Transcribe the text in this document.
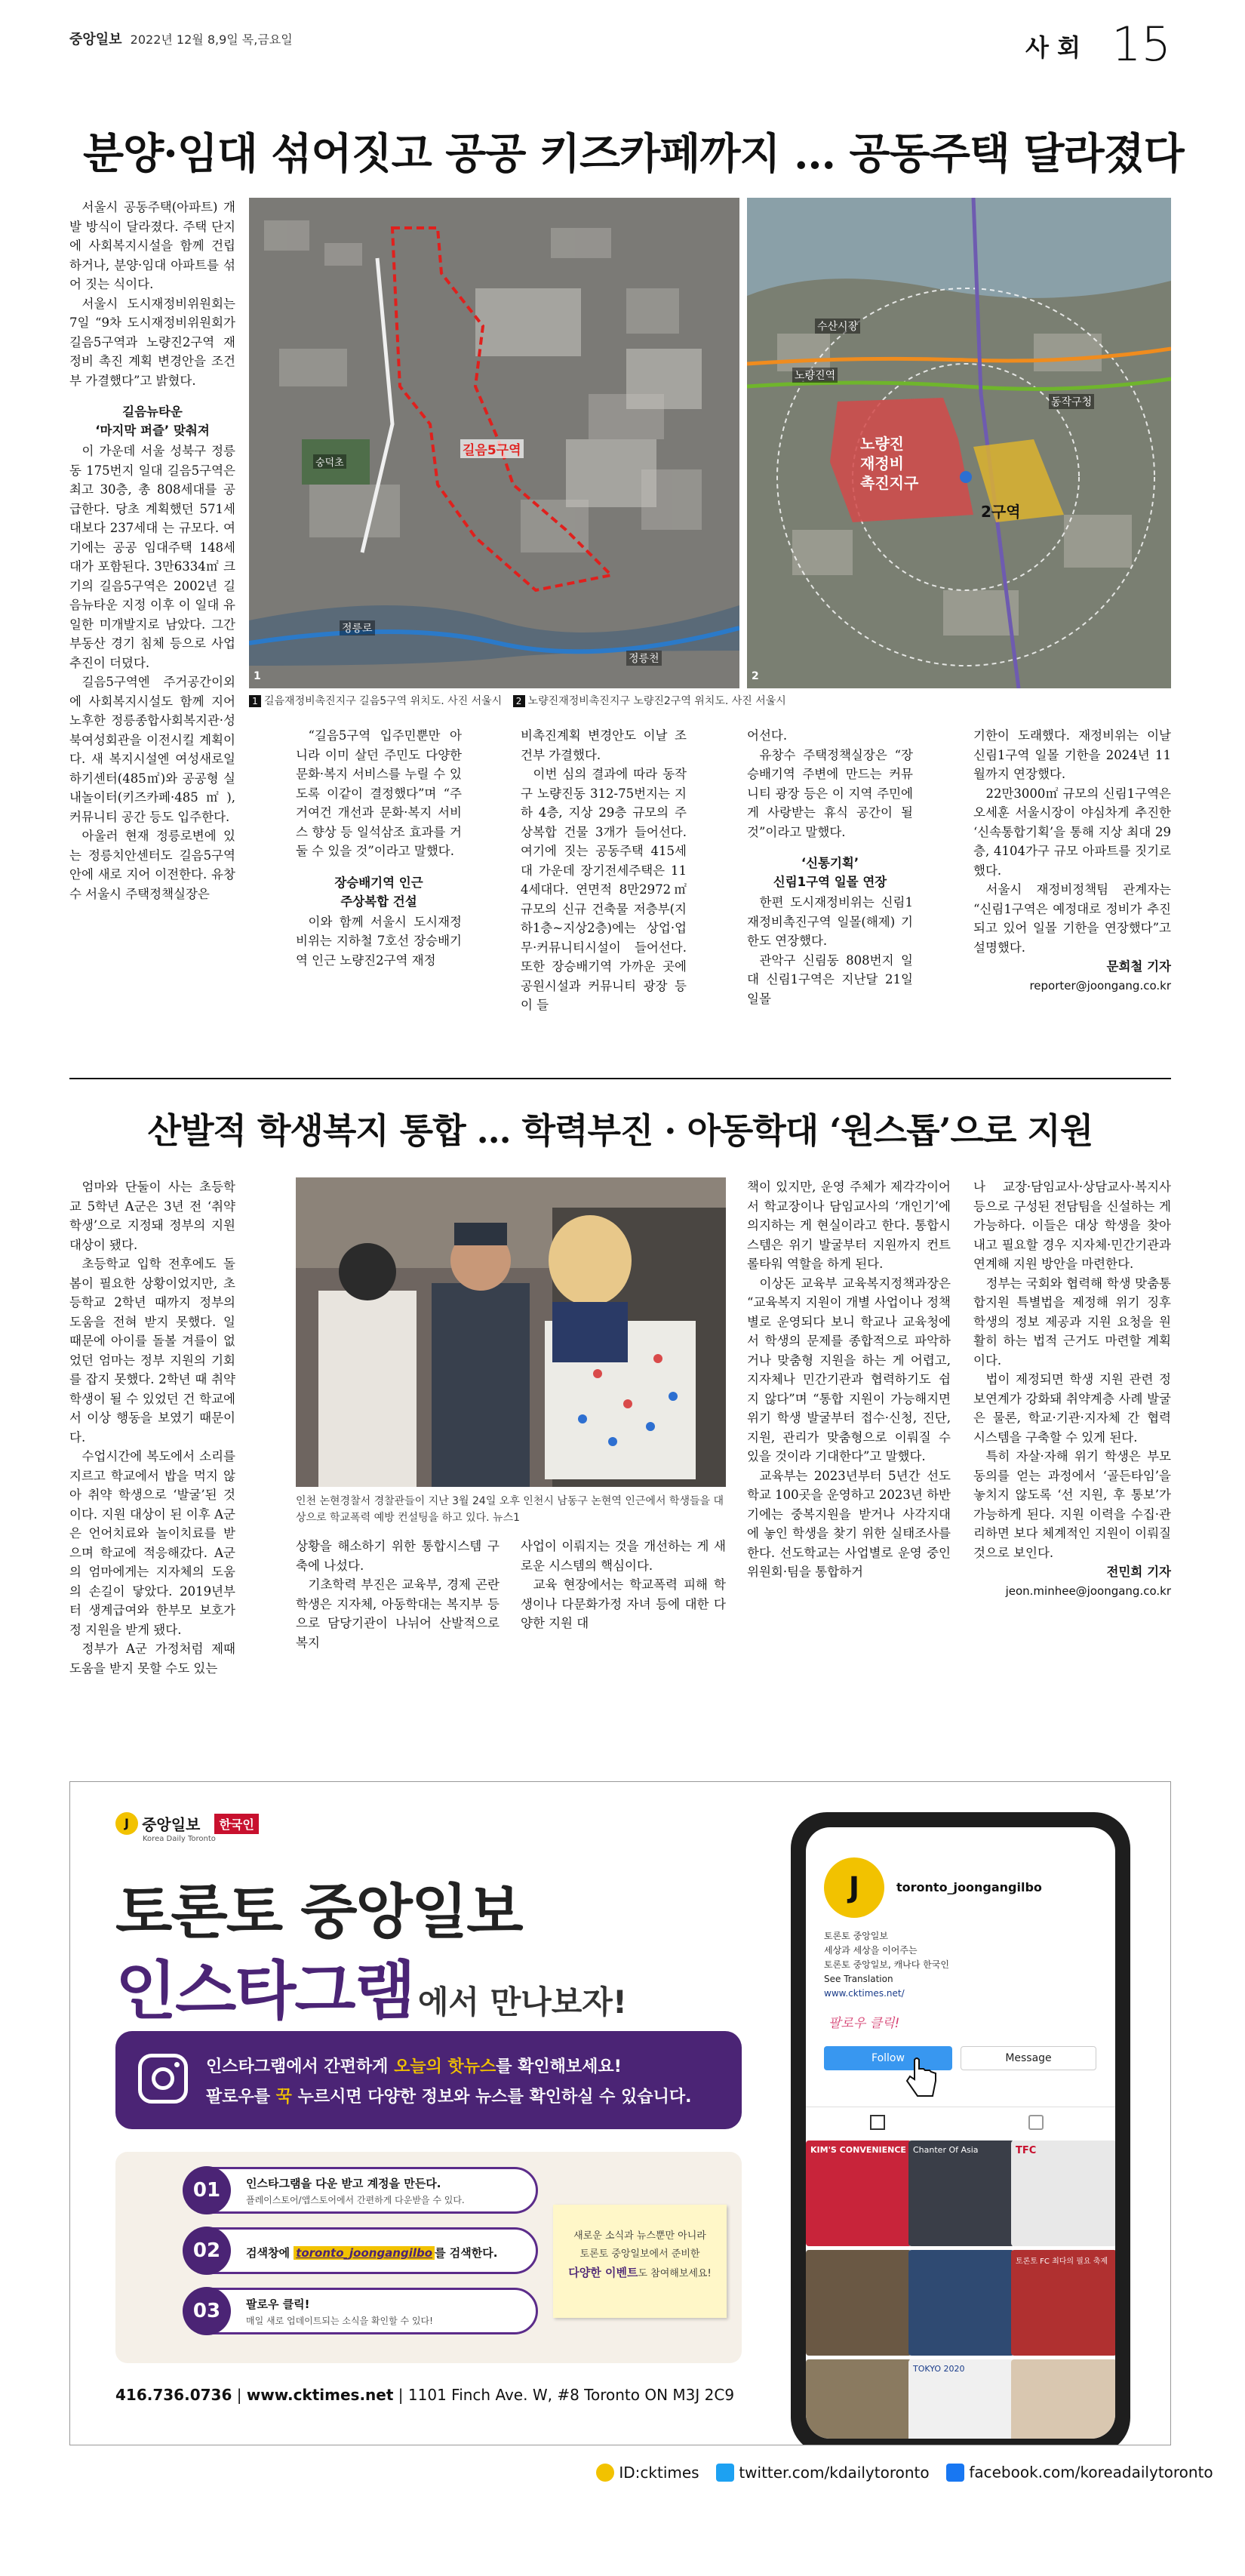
중앙일보 2022년 12월 8,9일 목,금요일	사 회 15
분양·임대 섞어짓고 공공 키즈카페까지 … 공동주택 달라졌다

서울시 공동주택(아파트) 개발 방식이 달라졌다. 주택 단지에 사회복지시설을 함께 건립하거나, 분양·임대 아파트를 섞어 짓는 식이다.

서울시 도시재정비위원회는 7일 “9차 도시재정비위원회가 길음5구역과 노량진2구역 재정비 촉진 계획 변경안을 조건부 가결했다”고 밝혔다.

길음뉴타운
‘마지막 퍼즐’ 맞춰져

이 가운데 서울 성북구 정릉동 175번지 일대 길음5구역은 최고 30층, 총 808세대를 공급한다. 당초 계획했던 571세대보다 237세대 는 규모다. 여기에는 공공 임대주택 148세대가 포함된다. 3만6334㎡ 크기의 길음5구역은 2002년 길음뉴타운 지정 이후 이 일대 유일한 미개발지로 남았다. 그간 부동산 경기 침체 등으로 사업 추진이 더뎠다.

길음5구역엔 주거공간이외에 사회복지시설도 함께 지어 노후한 정릉종합사회복지관·성북여성회관을 이전시킬 계획이다. 새 복지시설엔 여성새로일하기센터(485㎡)와 공공형 실내놀이터(키즈카페·485㎡), 커뮤니티 공간 등도 입주한다.

아울러 현재 정릉로변에 있는 정릉치안센터도 길음5구역 안에 새로 지어 이전한다. 유창수 서울시 주택정책실장은

길음5구역
정릉로
정릉천
숭덕초
1
노량진
재정비
촉진지구
2구역
동작구청
노량진역
수산시장
2
1 길음재정비촉진지구 길음5구역 위치도. 사진 서울시 2 노량진재정비촉진지구 노량진2구역 위치도. 사진 서울시

“길음5구역 입주민뿐만 아니라 이미 살던 주민도 다양한 문화·복지 서비스를 누릴 수 있도록 이같이 결정했다”며 “주거여건 개선과 문화·복지 서비스 향상 등 일석삼조 효과를 거둘 수 있을 것”이라고 말했다.

장승배기역 인근
주상복합 건설

이와 함께 서울시 도시재정비위는 지하철 7호선 장승배기역 인근 노량진2구역 재정

비촉진계획 변경안도 이날 조건부 가결했다.

이번 심의 결과에 따라 동작구 노량진동 312-75번지는 지하 4층, 지상 29층 규모의 주상복합 건물 3개가 들어선다. 여기에 짓는 공동주택 415세대 가운데 장기전세주택은 114세대다. 연면적 8만2972㎡ 규모의 신규 건축물 저층부(지하1층~지상2층)에는 상업·업무·커뮤니티시설이 들어선다. 또한 장승배기역 가까운 곳에 공원시설과 커뮤니티 광장 등이 들

어선다.

유창수 주택정책실장은 “장승배기역 주변에 만드는 커뮤니티 광장 등은 이 지역 주민에게 사랑받는 휴식 공간이 될 것”이라고 말했다.

‘신통기획’
신림1구역 일몰 연장

한편 도시재정비위는 신림1 재정비촉진구역 일몰(해제) 기한도 연장했다.

관악구 신림동 808번지 일대 신림1구역은 지난달 21일 일몰

기한이 도래했다. 재정비위는 이날 신림1구역 일몰 기한을 2024년 11월까지 연장했다.

22만3000㎡ 규모의 신림1구역은 오세훈 서울시장이 야심차게 추진한 ‘신속통합기획’을 통해 지상 최대 29층, 4104가구 규모 아파트를 짓기로 했다.

서울시 재정비정책팀 관계자는 “신림1구역은 예정대로 정비가 추진되고 있어 일몰 기한을 연장했다”고 설명했다.

문희철 기자
reporter@joongang.co.kr
산발적 학생복지 통합 … 학력부진 · 아동학대 ‘원스톱’으로 지원

엄마와 단둘이 사는 초등학교 5학년 A군은 3년 전 ‘취약 학생’으로 지정돼 정부의 지원 대상이 됐다.

초등학교 입학 전후에도 돌봄이 필요한 상황이었지만, 초등학교 2학년 때까지 정부의 도움을 전혀 받지 못했다. 일 때문에 아이를 돌볼 겨를이 없었던 엄마는 정부 지원의 기회를 잡지 못했다. 2학년 때 취약 학생이 될 수 있었던 건 학교에서 이상 행동을 보였기 때문이다.

수업시간에 복도에서 소리를 지르고 학교에서 밥을 먹지 않아 취약 학생으로 ‘발굴’된 것이다. 지원 대상이 된 이후 A군은 언어치료와 놀이치료를 받으며 학교에 적응해갔다. A군의 엄마에게는 지자체의 도움의 손길이 닿았다. 2019년부터 생계급여와 한부모 보호가정 지원을 받게 됐다.

정부가 A군 가정처럼 제때 도움을 받지 못할 수도 있는

인천 논현경찰서 경찰관들이 지난 3월 24일 오후 인천시 남동구 논현역 인근에서 학생들을 대상으로 학교폭력 예방 컨설팅을 하고 있다. 뉴스1

상황을 해소하기 위한 통합시스템 구축에 나섰다.

기초학력 부진은 교육부, 경제 곤란 학생은 지자체, 아동학대는 복지부 등으로 담당기관이 나뉘어 산발적으로 복지

사업이 이뤄지는 것을 개선하는 게 새로운 시스템의 핵심이다.

교육 현장에서는 학교폭력 피해 학생이나 다문화가정 자녀 등에 대한 다양한 지원 대

책이 있지만, 운영 주체가 제각각이어서 학교장이나 담임교사의 ‘개인기’에 의지하는 게 현실이라고 한다. 통합시스템은 위기 발굴부터 지원까지 컨트롤타워 역할을 하게 된다.

이상돈 교육부 교육복지정책과장은 “교육복지 지원이 개별 사업이나 정책별로 운영되다 보니 학교나 교육청에서 학생의 문제를 종합적으로 파악하거나 맞춤형 지원을 하는 게 어렵고, 지자체나 민간기관과 협력하기도 쉽지 않다”며 “통합 지원이 가능해지면 위기 학생 발굴부터 접수·신청, 진단, 지원, 관리가 맞춤형으로 이뤄질 수 있을 것이라 기대한다”고 말했다.

교육부는 2023년부터 5년간 선도학교 100곳을 운영하고 2023년 하반기에는 중복지원을 받거나 사각지대에 놓인 학생을 찾기 위한 실태조사를 한다. 선도학교는 사업별로 운영 중인 위원회·팀을 통합하거

나 교장·담임교사·상담교사·복지사 등으로 구성된 전담팀을 신설하는 게 가능하다. 이들은 대상 학생을 찾아내고 필요할 경우 지자체·민간기관과 연계해 지원 방안을 마련한다.

정부는 국회와 협력해 학생 맞춤통합지원 특별법을 제정해 위기 징후 학생의 정보 제공과 지원 요청을 원활히 하는 법적 근거도 마련할 계획이다.

법이 제정되면 학생 지원 관련 정보연계가 강화돼 취약계층 사례 발굴은 물론, 학교·기관·지자체 간 협력 시스템을 구축할 수 있게 된다.

특히 자살·자해 위기 학생은 부모 동의를 얻는 과정에서 ‘골든타임’을 놓치지 않도록 ‘선 지원, 후 통보’가 가능하게 된다. 지원 이력을 수집·관리하면 보다 체계적인 지원이 이뤄질 것으로 보인다.

전민희 기자
jeon.minhee@joongang.co.kr
J 중앙일보 한국인
Korea Daily Toronto
토론토 중앙일보
인스타그램 에서 만나보자!
인스타그램에서 간편하게 오늘의 핫뉴스를 확인해보세요!
팔로우를 꾹 누르시면 다양한 정보와 뉴스를 확인하실 수 있습니다.
01	인스타그램을 다운 받고 계정을 만든다.
플레이스토어/앱스토어에서 간편하게 다운받을 수 있다.
02	검색창에 toronto_joongangilbo 를 검색한다.
03	팔로우 클릭!
매일 새로 업데이트되는 소식을 확인할 수 있다!
새로운 소식과 뉴스뿐만 아니라
토론토 중앙일보에서 준비한
다양한 이벤트도 참여해보세요!
416.736.0736 | www.cktimes.net | 1101 Finch Ave. W, #8 Toronto ON M3J 2C9
J	toronto_joongangilbo
토론토 중앙일보
세상과 세상을 이어주는
토론토 중앙일보, 캐나다 한국인
See Translation
www.cktimes.net/
팔로우 클릭!
Follow	Message
KIM'S CONVENIENCE Chanter Of Asia	TFC
토론토 FC 최다의 필요 축제
TOKYO 2020
ID:cktimes	twitter.com/kdailytoronto	facebook.com/koreadailytoronto
